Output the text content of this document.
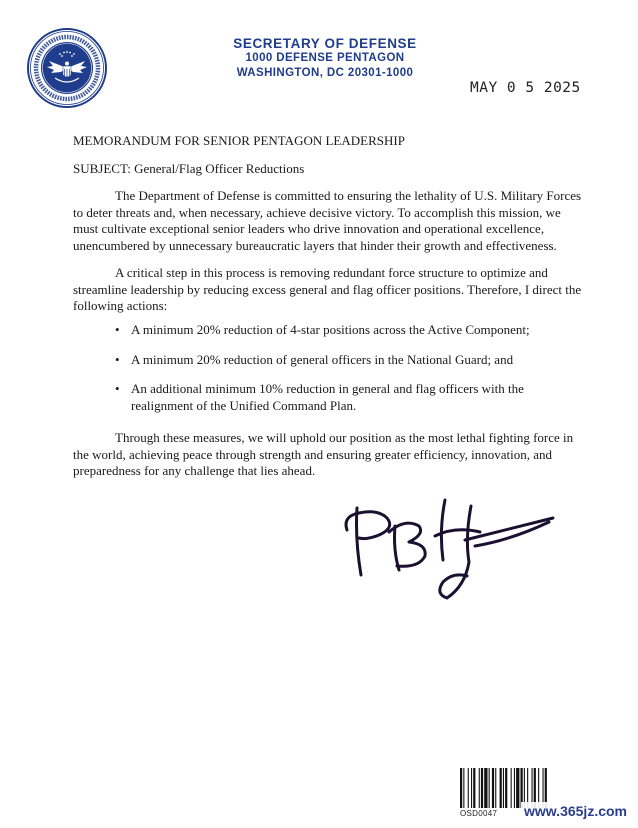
SECRETARY OF DEFENSE
1000 DEFENSE PENTAGON
WASHINGTON, DC 20301-1000
MAY 0 5 2025
MEMORANDUM FOR SENIOR PENTAGON LEADERSHIP
SUBJECT: General/Flag Officer Reductions
The Department of Defense is committed to ensuring the lethality of U.S. Military Forces to deter threats and, when necessary, achieve decisive victory. To accomplish this mission, we must cultivate exceptional senior leaders who drive innovation and operational excellence, unencumbered by unnecessary bureaucratic layers that hinder their growth and effectiveness.
A critical step in this process is removing redundant force structure to optimize and streamline leadership by reducing excess general and flag officer positions. Therefore, I direct the following actions:
• A minimum 20% reduction of 4-star positions across the Active Component;
• A minimum 20% reduction of general officers in the National Guard; and
• An additional minimum 10% reduction in general and flag officers with the realignment of the Unified Command Plan.
Through these measures, we will uphold our position as the most lethal fighting force in the world, achieving peace through strength and ensuring greater efficiency, innovation, and preparedness for any challenge that lies ahead.
OSD0047	www.365jz.com
